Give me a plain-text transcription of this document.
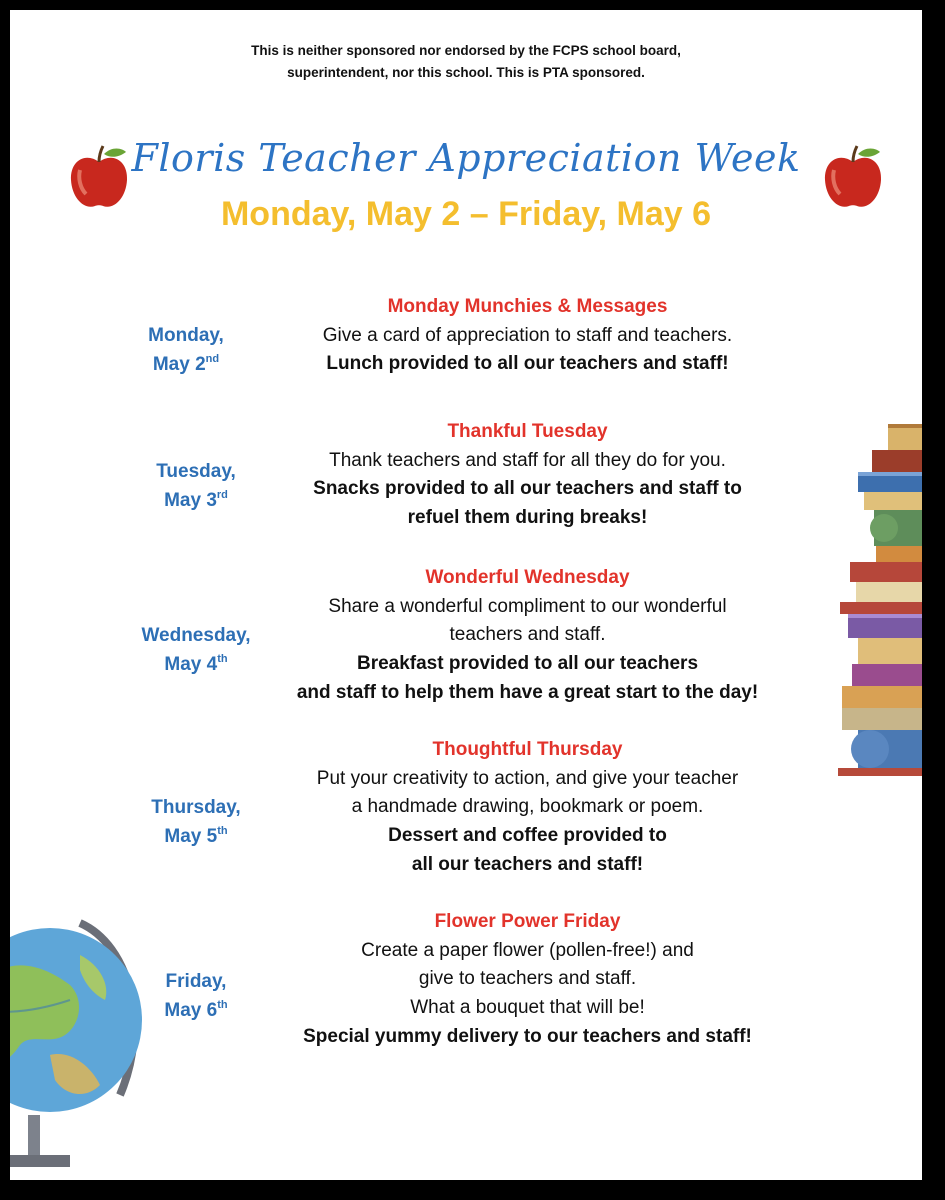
This is neither sponsored nor endorsed by the FCPS school board,
superintendent, nor this school. This is PTA sponsored.
Floris Teacher Appreciation Week
Monday, May 2 – Friday, May 6
Monday,
May 2nd
Monday Munchies & Messages
Give a card of appreciation to staff and teachers.
Lunch provided to all our teachers and staff!
Tuesday,
May 3rd
Thankful Tuesday
Thank teachers and staff for all they do for you.
Snacks provided to all our teachers and staff to
refuel them during breaks!
Wednesday,
May 4th
Wonderful Wednesday
Share a wonderful compliment to our wonderful
teachers and staff.
Breakfast provided to all our teachers
and staff to help them have a great start to the day!
Thursday,
May 5th
Thoughtful Thursday
Put your creativity to action, and give your teacher
a handmade drawing, bookmark or poem.
Dessert and coffee provided to
all our teachers and staff!
Friday,
May 6th
Flower Power Friday
Create a paper flower (pollen-free!) and
give to teachers and staff.
What a bouquet that will be!
Special yummy delivery to our teachers and staff!
